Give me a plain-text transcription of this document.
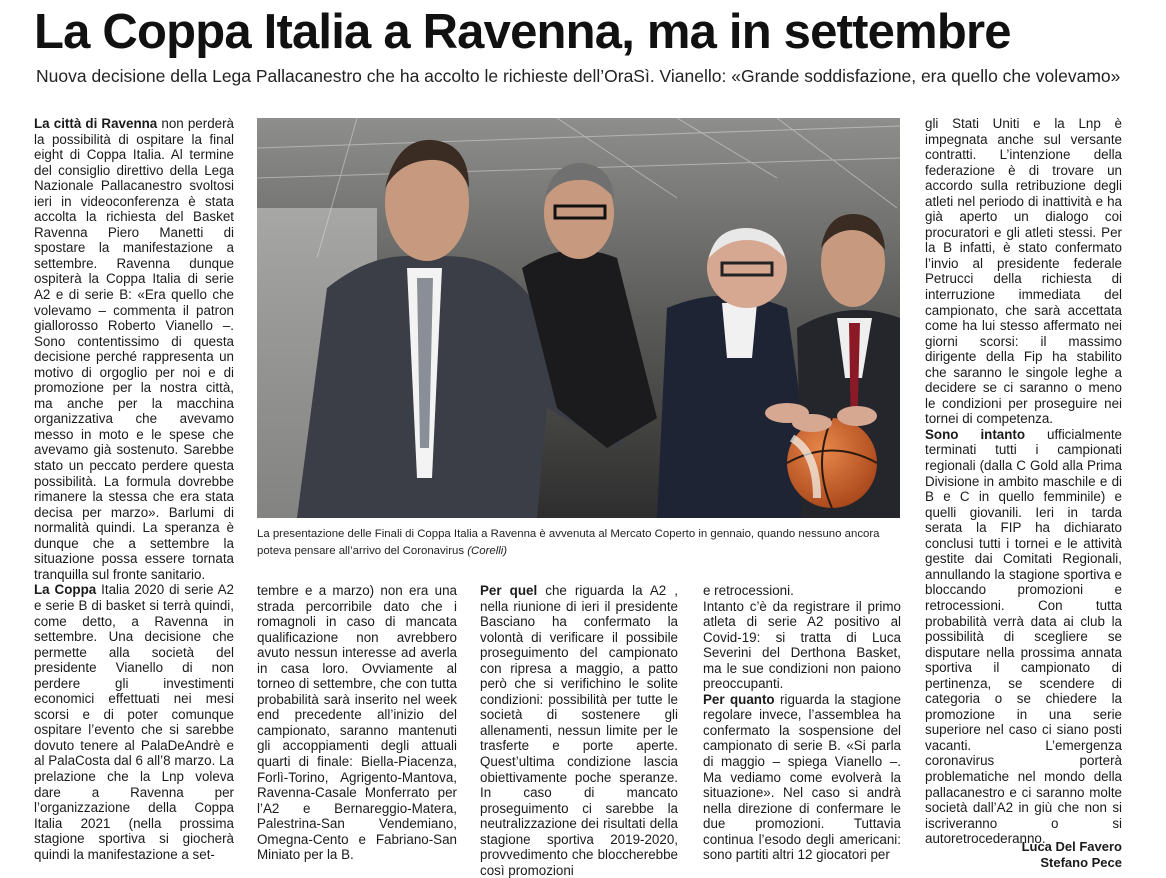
La Coppa Italia a Ravenna, ma in settembre
Nuova decisione della Lega Pallacanestro che ha accolto le richieste dell’OraSì. Vianello: «Grande soddisfazione, era quello che volevamo»

La città di Ravenna non perderà la possibilità di ospitare la final eight di Coppa Italia. Al termine del consiglio direttivo della Lega Nazionale Pallacanestro svoltosi ieri in videoconferenza è stata accolta la richiesta del Basket Ravenna Piero Manetti di spostare la manifestazione a settembre. Ravenna dunque ospiterà la Coppa Italia di serie A2 e di serie B: «Era quello che volevamo – commenta il patron giallorosso Roberto Vianello –. Sono contentissimo di questa decisione perché rappresenta un motivo di orgoglio per noi e di promozione per la nostra città, ma anche per la macchina organizzativa che avevamo messo in moto e le spese che avevamo già sostenuto. Sarebbe stato un peccato perdere questa possibilità. La formula dovrebbe rimanere la stessa che era stata decisa per marzo». Barlumi di normalità quindi. La speranza è dunque che a settembre la situazione possa essere tornata tranquilla sul fronte sanitario.

La Coppa Italia 2020 di serie A2 e serie B di basket si terrà quindi, come detto, a Ravenna in settembre. Una decisione che permette alla società del presidente Vianello di non perdere gli investimenti economici effettuati nei mesi scorsi e di poter comunque ospitare l’evento che si sarebbe dovuto tenere al PalaDeAndrè e al PalaCosta dal 6 all’8 marzo. La prelazione che la Lnp voleva dare a Ravenna per l’organizzazione della Coppa Italia 2021 (nella prossima stagione sportiva si giocherà quindi la manifestazione a set-

La presentazione delle Finali di Coppa Italia a Ravenna è avvenuta al Mercato Coperto in gennaio, quando nessuno ancora poteva pensare all’arrivo del Coronavirus (Corelli)

tembre e a marzo) non era una strada percorribile dato che i romagnoli in caso di mancata qualificazione non avrebbero avuto nessun interesse ad averla in casa loro. Ovviamente al torneo di settembre, che con tutta probabilità sarà inserito nel week end precedente all’inizio del campionato, saranno mantenuti gli accoppiamenti degli attuali quarti di finale: Biella-Piacenza, Forlì-Torino, Agrigento-Mantova, Ravenna-Casale Monferrato per l’A2 e Bernareggio-Matera, Palestrina-San Vendemiano, Omegna-Cento e Fabriano-San Miniato per la B.

Per quel che riguarda la A2 , nella riunione di ieri il presidente Basciano ha confermato la volontà di verificare il possibile proseguimento del campionato con ripresa a maggio, a patto però che si verifichino le solite condizioni: possibilità per tutte le società di sostenere gli allenamenti, nessun limite per le trasferte e porte aperte. Quest’ultima condizione lascia obiettivamente poche speranze. In caso di mancato proseguimento ci sarebbe la neutralizzazione dei risultati della stagione sportiva 2019-2020, provvedimento che bloccherebbe così promozioni

e retrocessioni.

Intanto c’è da registrare il primo atleta di serie A2 positivo al Covid-19: si tratta di Luca Severini del Derthona Basket, ma le sue condizioni non paiono preoccupanti.

Per quanto riguarda la stagione regolare invece, l’assemblea ha confermato la sospensione del campionato di serie B. «Si parla di maggio – spiega Vianello –. Ma vediamo come evolverà la situazione». Nel caso si andrà nella direzione di confermare le due promozioni. Tuttavia continua l’esodo degli americani: sono partiti altri 12 giocatori per

gli Stati Uniti e la Lnp è impegnata anche sul versante contratti. L’intenzione della federazione è di trovare un accordo sulla retribuzione degli atleti nel periodo di inattività e ha già aperto un dialogo coi procuratori e gli atleti stessi. Per la B infatti, è stato confermato l’invio al presidente federale Petrucci della richiesta di interruzione immediata del campionato, che sarà accettata come ha lui stesso affermato nei giorni scorsi: il massimo dirigente della Fip ha stabilito che saranno le singole leghe a decidere se ci saranno o meno le condizioni per proseguire nei tornei di competenza.

Sono intanto ufficialmente terminati tutti i campionati regionali (dalla C Gold alla Prima Divisione in ambito maschile e di B e C in quello femminile) e quelli giovanili. Ieri in tarda serata la FIP ha dichiarato conclusi tutti i tornei e le attività gestite dai Comitati Regionali, annullando la stagione sportiva e bloccando promozioni e retrocessioni. Con tutta probabilità verrà data ai club la possibilità di scegliere se disputare nella prossima annata sportiva il campionato di pertinenza, se scendere di categoria o se chiedere la promozione in una serie superiore nel caso ci siano posti vacanti. L’emergenza coronavirus porterà problematiche nel mondo della pallacanestro e ci saranno molte società dall’A2 in giù che non si iscriveranno o si autoretrocederanno.

Luca Del Favero
Stefano Pece
